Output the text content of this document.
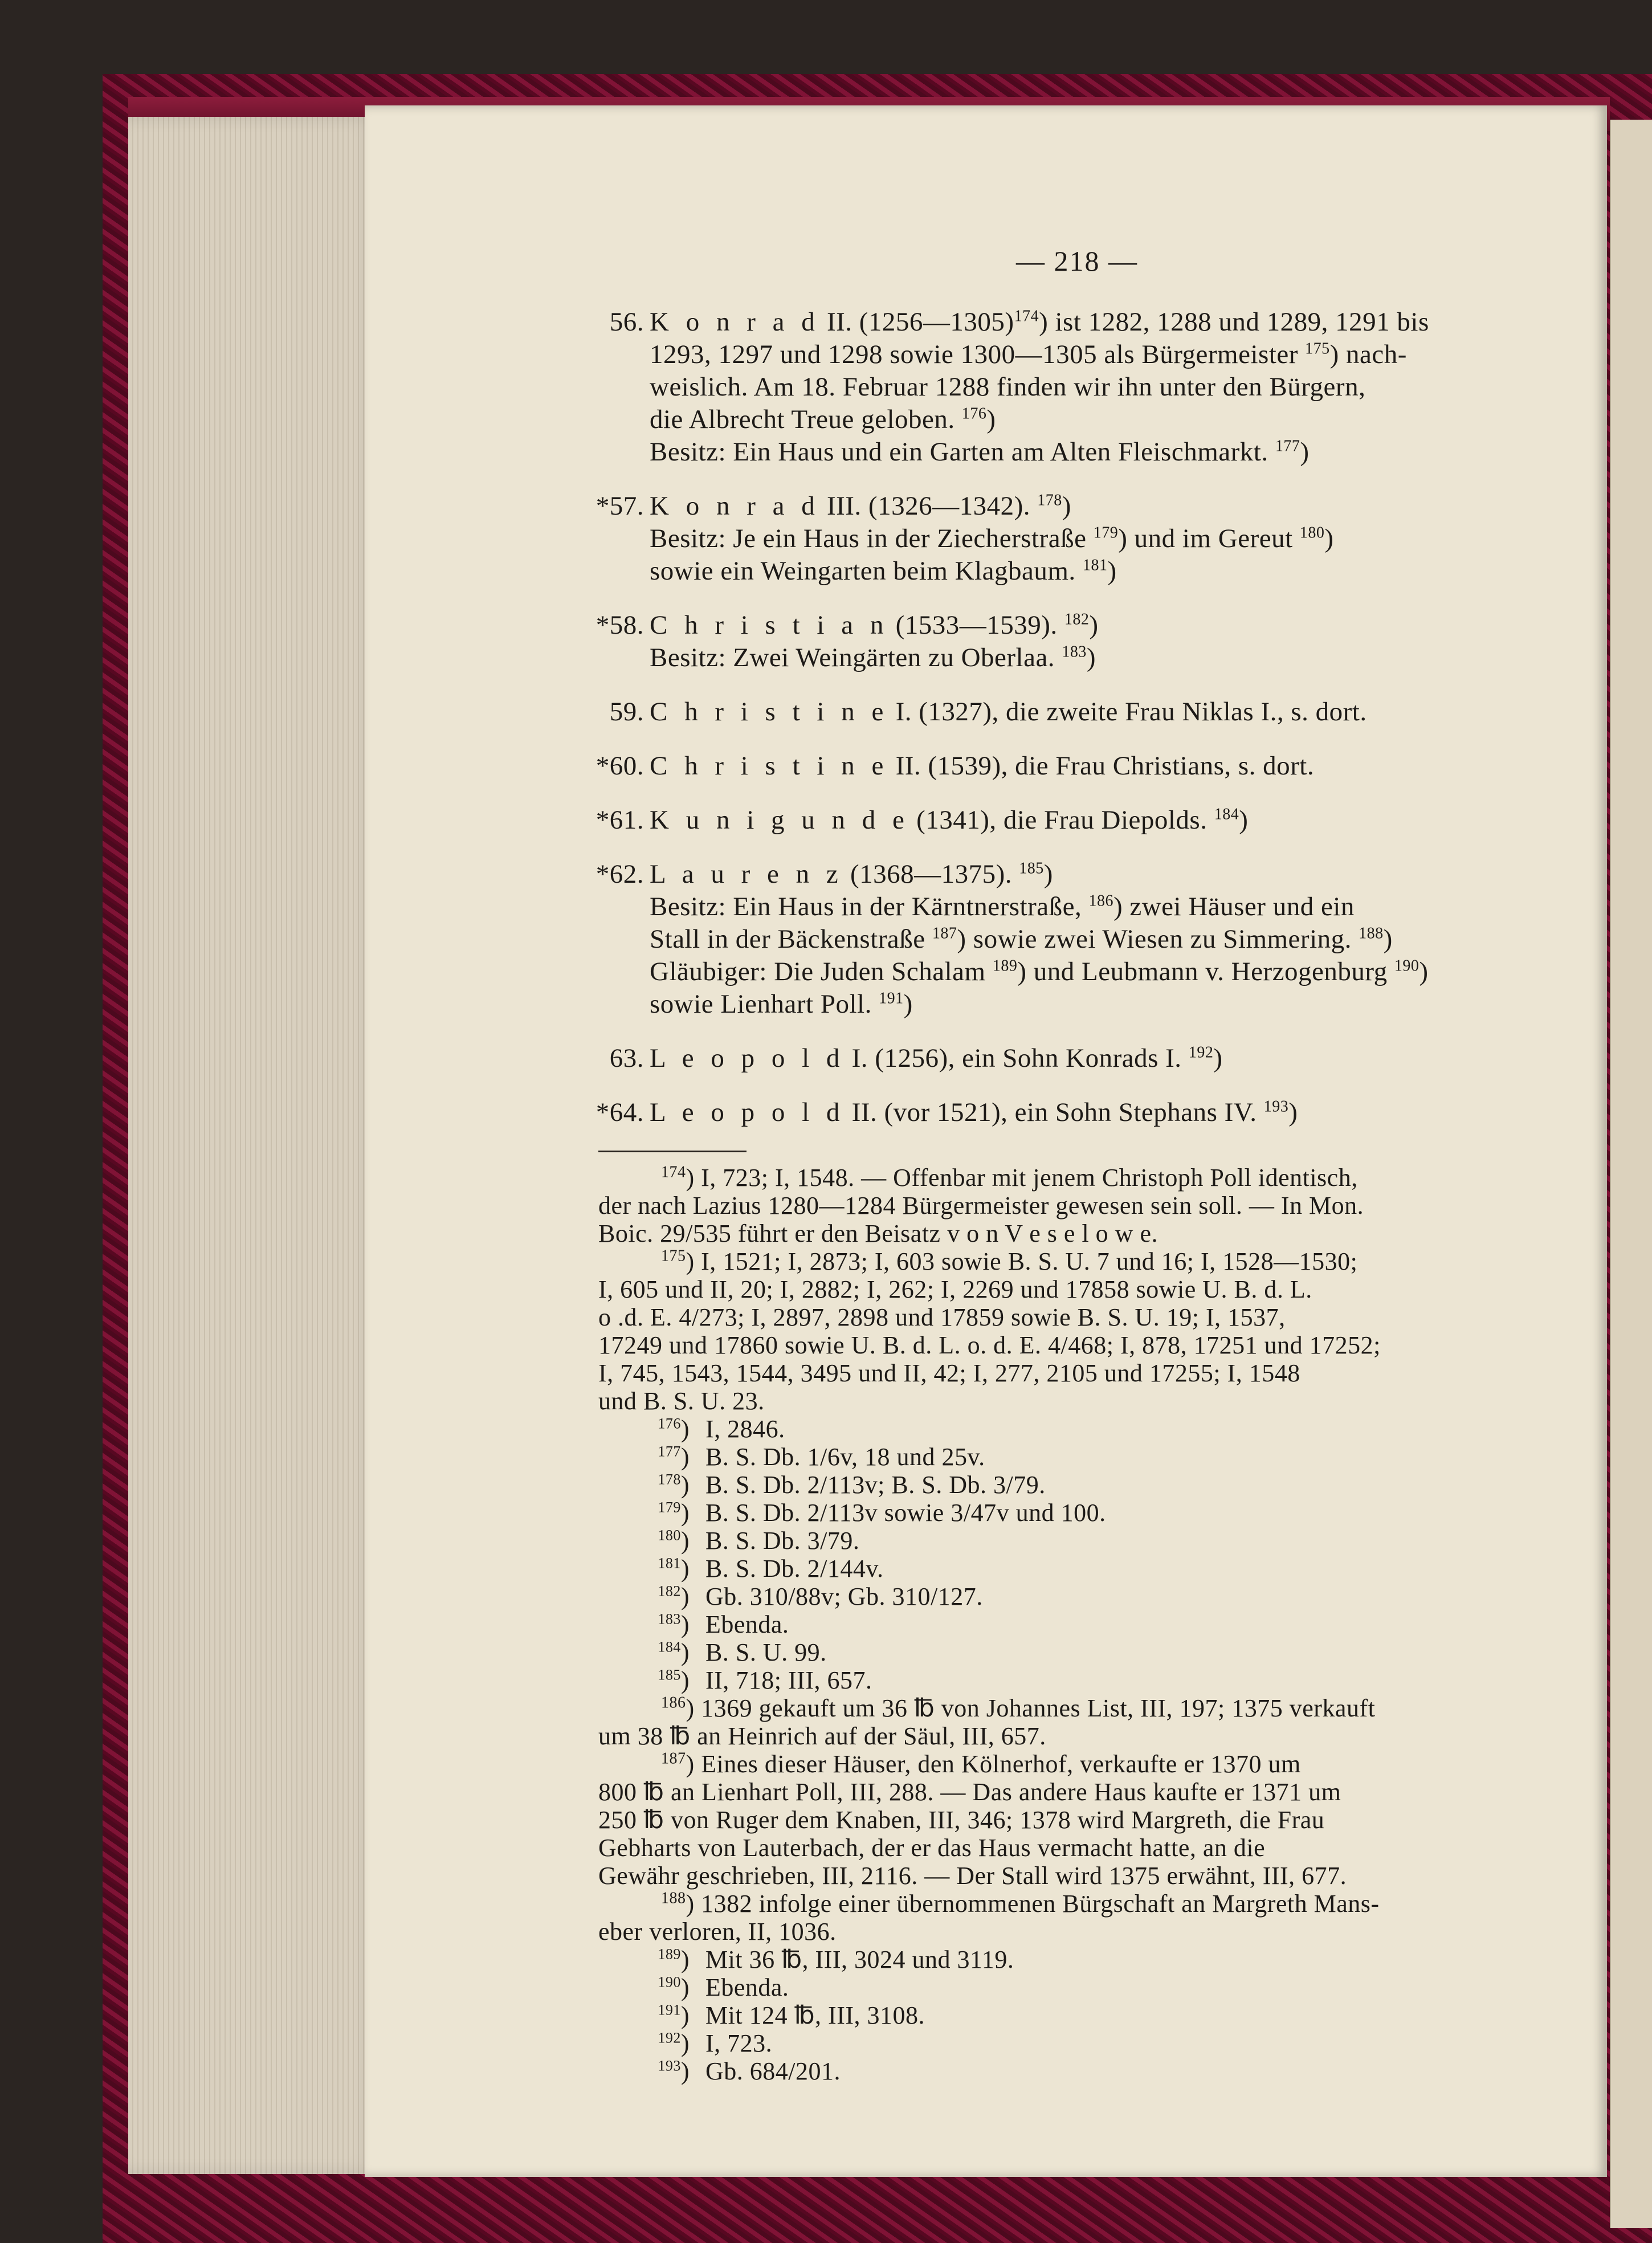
— 218 —
56. K o n r a d II. (1256—1305)$^{174}$) ist 1282, 1288 und 1289, 1291 bis
1293, 1297 und 1298 sowie 1300—1305 als Bürgermeister $^{175}$) nach-
weislich. Am 18. Februar 1288 finden wir ihn unter den Bürgern,
die Albrecht Treue geloben. $^{176}$)
Besitz: Ein Haus und ein Garten am Alten Fleischmarkt. $^{177}$)
*57. K o n r a d III. (1326—1342). $^{178}$)
Besitz: Je ein Haus in der Ziecherstraße $^{179}$) und im Gereut $^{180}$)
sowie ein Weingarten beim Klagbaum. $^{181}$)
*58. C h r i s t i a n (1533—1539). $^{182}$)
Besitz: Zwei Weingärten zu Oberlaa. $^{183}$)
59. C h r i s t i n e I. (1327), die zweite Frau Niklas I., s. dort.
*60. C h r i s t i n e II. (1539), die Frau Christians, s. dort.
*61. K u n i g u n d e (1341), die Frau Diepolds. $^{184}$)
*62. L a u r e n z (1368—1375). $^{185}$)
Besitz: Ein Haus in der Kärntnerstraße, $^{186}$) zwei Häuser und ein
Stall in der Bäckenstraße $^{187}$) sowie zwei Wiesen zu Simmering. $^{188}$)
Gläubiger: Die Juden Schalam $^{189}$) und Leubmann v. Herzogenburg $^{190}$)
sowie Lienhart Poll. $^{191}$)
63. L e o p o l d I. (1256), ein Sohn Konrads I. $^{192}$)
*64. L e o p o l d II. (vor 1521), ein Sohn Stephans IV. $^{193}$)
$^{174}$) I, 723; I, 1548. — Offenbar mit jenem Christoph Poll identisch,
der nach Lazius 1280—1284 Bürgermeister gewesen sein soll. — In Mon.
Boic. 29/535 führt er den Beisatz v o n V e s e l o w e.
$^{175}$) I, 1521; I, 2873; I, 603 sowie B. S. U. 7 und 16; I, 1528—1530;
I, 605 und II, 20; I, 2882; I, 262; I, 2269 und 17858 sowie U. B. d. L.
o .d. E. 4/273; I, 2897, 2898 und 17859 sowie B. S. U. 19; I, 1537,
17249 und 17860 sowie U. B. d. L. o. d. E. 4/468; I, 878, 17251 und 17252;
I, 745, 1543, 1544, 3495 und II, 42; I, 277, 2105 und 17255; I, 1548
und B. S. U. 23.
$^{176}$) I, 2846.
$^{177}$) B. S. Db. 1/6v, 18 und 25v.
$^{178}$) B. S. Db. 2/113v; B. S. Db. 3/79.
$^{179}$) B. S. Db. 2/113v sowie 3/47v und 100.
$^{180}$) B. S. Db. 3/79.
$^{181}$) B. S. Db. 2/144v.
$^{182}$) Gb. 310/88v; Gb. 310/127.
$^{183}$) Ebenda.
$^{184}$) B. S. U. 99.
$^{185}$) II, 718; III, 657.
$^{186}$) 1369 gekauft um 36 ℔ von Johannes List, III, 197; 1375 verkauft
um 38 ℔ an Heinrich auf der Säul, III, 657.
$^{187}$) Eines dieser Häuser, den Kölnerhof, verkaufte er 1370 um
800 ℔ an Lienhart Poll, III, 288. — Das andere Haus kaufte er 1371 um
250 ℔ von Ruger dem Knaben, III, 346; 1378 wird Margreth, die Frau
Gebharts von Lauterbach, der er das Haus vermacht hatte, an die
Gewähr geschrieben, III, 2116. — Der Stall wird 1375 erwähnt, III, 677.
$^{188}$) 1382 infolge einer übernommenen Bürgschaft an Margreth Mans-
eber verloren, II, 1036.
$^{189}$) Mit 36 ℔, III, 3024 und 3119.
$^{190}$) Ebenda.
$^{191}$) Mit 124 ℔, III, 3108.
$^{192}$) I, 723.
$^{193}$) Gb. 684/201.
